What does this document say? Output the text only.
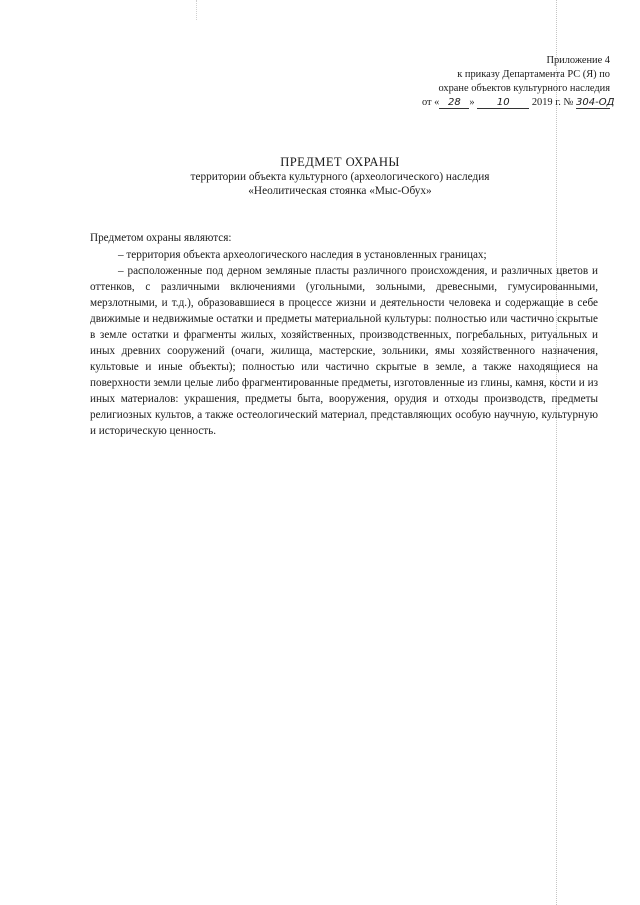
Приложение 4
к приказу Департамента РС (Я) по
охране объектов культурного наследия
от « 28 » 10 2019 г. № 304-ОД
ПРЕДМЕТ ОХРАНЫ
территории объекта культурного (археологического) наследия
«Неолитическая стоянка «Мыс-Обух»

Предметом охраны являются:

– территория объекта археологического наследия в установленных границах;

– расположенные под дерном земляные пласты различного происхождения, и различных цветов и оттенков, с различными включениями (угольными, зольными, древесными, гумусированными, мерзлотными, и т.д.), образовавшиеся в процессе жизни и деятельности человека и содержащие в себе движимые и недвижимые остатки и предметы материальной культуры: полностью или частично скрытые в земле остатки и фрагменты жилых, хозяйственных, производственных, погребальных, ритуальных и иных древних сооружений (очаги, жилища, мастерские, зольники, ямы хозяйственного назначения, культовые и иные объекты); полностью или частично скрытые в земле, а также находящиеся на поверхности земли целые либо фрагментированные предметы, изготовленные из глины, камня, кости и из иных материалов: украшения, предметы быта, вооружения, орудия и отходы производств, предметы религиозных культов, а также остеологический материал, представляющих особую научную, культурную и историческую ценность.
